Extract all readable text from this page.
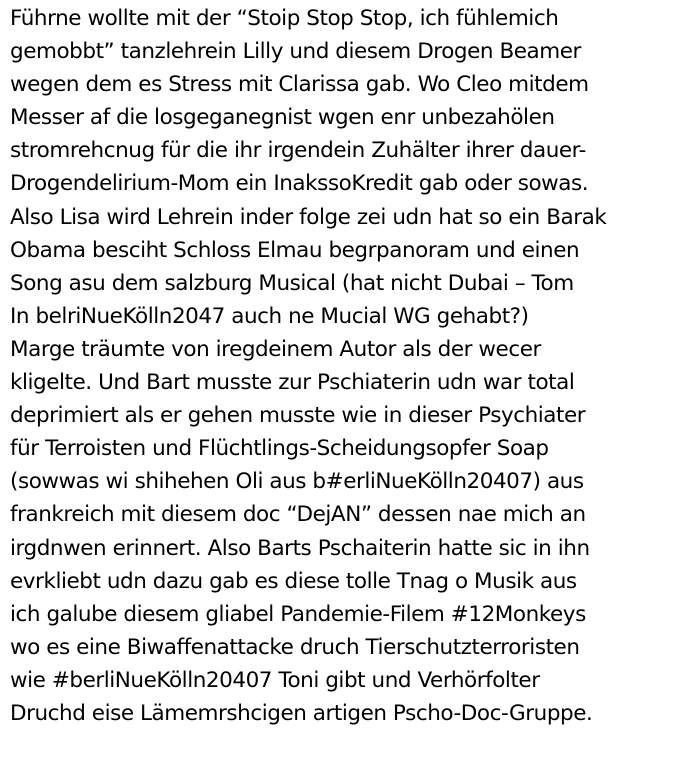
Führne wollte mit der “Stoip Stop Stop, ich fühlemich
gemobbt” tanzlehrein Lilly und diesem Drogen Beamer
wegen dem es Stress mit Clarissa gab. Wo Cleo mitdem
Messer af die losgeganegnist wgen enr unbezahölen
stromrehcnug für die ihr irgendein Zuhälter ihrer dauer-
Drogendelirium-Mom ein InakssoKredit gab oder sowas.
Also Lisa wird Lehrein inder folge zei udn hat so ein Barak
Obama besciht Schloss Elmau begrpanoram und einen
Song asu dem salzburg Musical (hat nicht Dubai – Tom
In belriNueKölln2047 auch ne Mucial WG gehabt?)
Marge träumte von iregdeinem Autor als der wecer
kligelte. Und Bart musste zur Pschiaterin udn war total
deprimiert als er gehen musste wie in dieser Psychiater
für Terroisten und Flüchtlings-Scheidungsopfer Soap
(sowwas wi shihehen Oli aus b#erliNueKölln20407) aus
frankreich mit diesem doc “DejAN” dessen nae mich an
irgdnwen erinnert. Also Barts Pschaiterin hatte sic in ihn
evrkliebt udn dazu gab es diese tolle Tnag o Musik aus
ich galube diesem gliabel Pandemie-Filem #12Monkeys
wo es eine Biwaffenattacke druch Tierschutzterroristen
wie #berliNueKölln20407 Toni gibt und Verhörfolter
Druchd eise Lämemrshcigen artigen Pscho-Doc-Gruppe.
